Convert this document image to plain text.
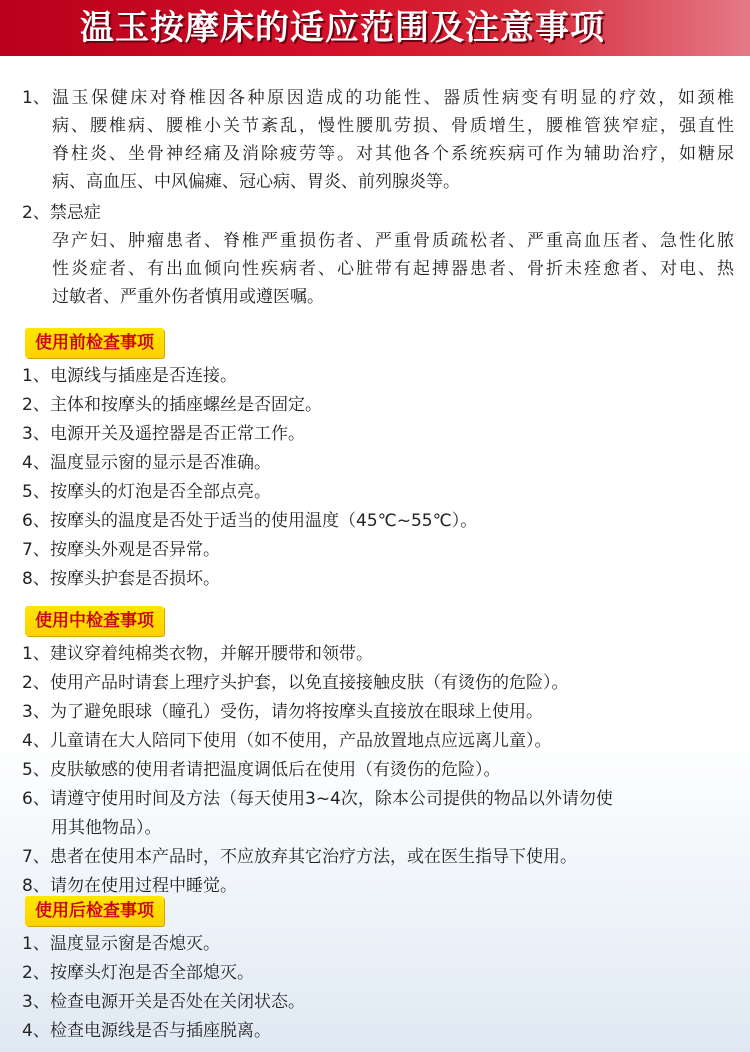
温玉按摩床的适应范围及注意事项
1、 温玉保健床对脊椎因各种原因造成的功能性、器质性病变有明显的疗效，如颈椎
病、腰椎病、腰椎小关节紊乱，慢性腰肌劳损、骨质增生，腰椎管狭窄症，强直性
脊柱炎、坐骨神经痛及消除疲劳等。对其他各个系统疾病可作为辅助治疗，如糖尿
病、高血压、中风偏瘫、冠心病、胃炎、前列腺炎等。
2、禁忌症
孕产妇、肿瘤患者、脊椎严重损伤者、严重骨质疏松者、严重高血压者、急性化脓
性炎症者、有出血倾向性疾病者、心脏带有起搏器患者、骨折未痊愈者、对电、热
过敏者、严重外伤者慎用或遵医嘱。
使用前检查事项
1、电源线与插座是否连接。
2、主体和按摩头的插座螺丝是否固定。
3、电源开关及遥控器是否正常工作。
4、温度显示窗的显示是否准确。
5、按摩头的灯泡是否全部点亮。
6、按摩头的温度是否处于适当的使用温度（45℃~55℃）。
7、按摩头外观是否异常。
8、按摩头护套是否损坏。
使用中检查事项
1、建议穿着纯棉类衣物，并解开腰带和领带。
2、使用产品时请套上理疗头护套，以免直接接触皮肤（有烫伤的危险）。
3、为了避免眼球（瞳孔）受伤，请勿将按摩头直接放在眼球上使用。
4、儿童请在大人陪同下使用（如不使用，产品放置地点应远离儿童）。
5、皮肤敏感的使用者请把温度调低后在使用（有烫伤的危险）。
6、请遵守使用时间及方法（每天使用3~4次，除本公司提供的物品以外请勿使
用其他物品）。
7、患者在使用本产品时，不应放弃其它治疗方法，或在医生指导下使用。
8、请勿在使用过程中睡觉。
使用后检查事项
1、温度显示窗是否熄灭。
2、按摩头灯泡是否全部熄灭。
3、检查电源开关是否处在关闭状态。
4、检查电源线是否与插座脱离。
